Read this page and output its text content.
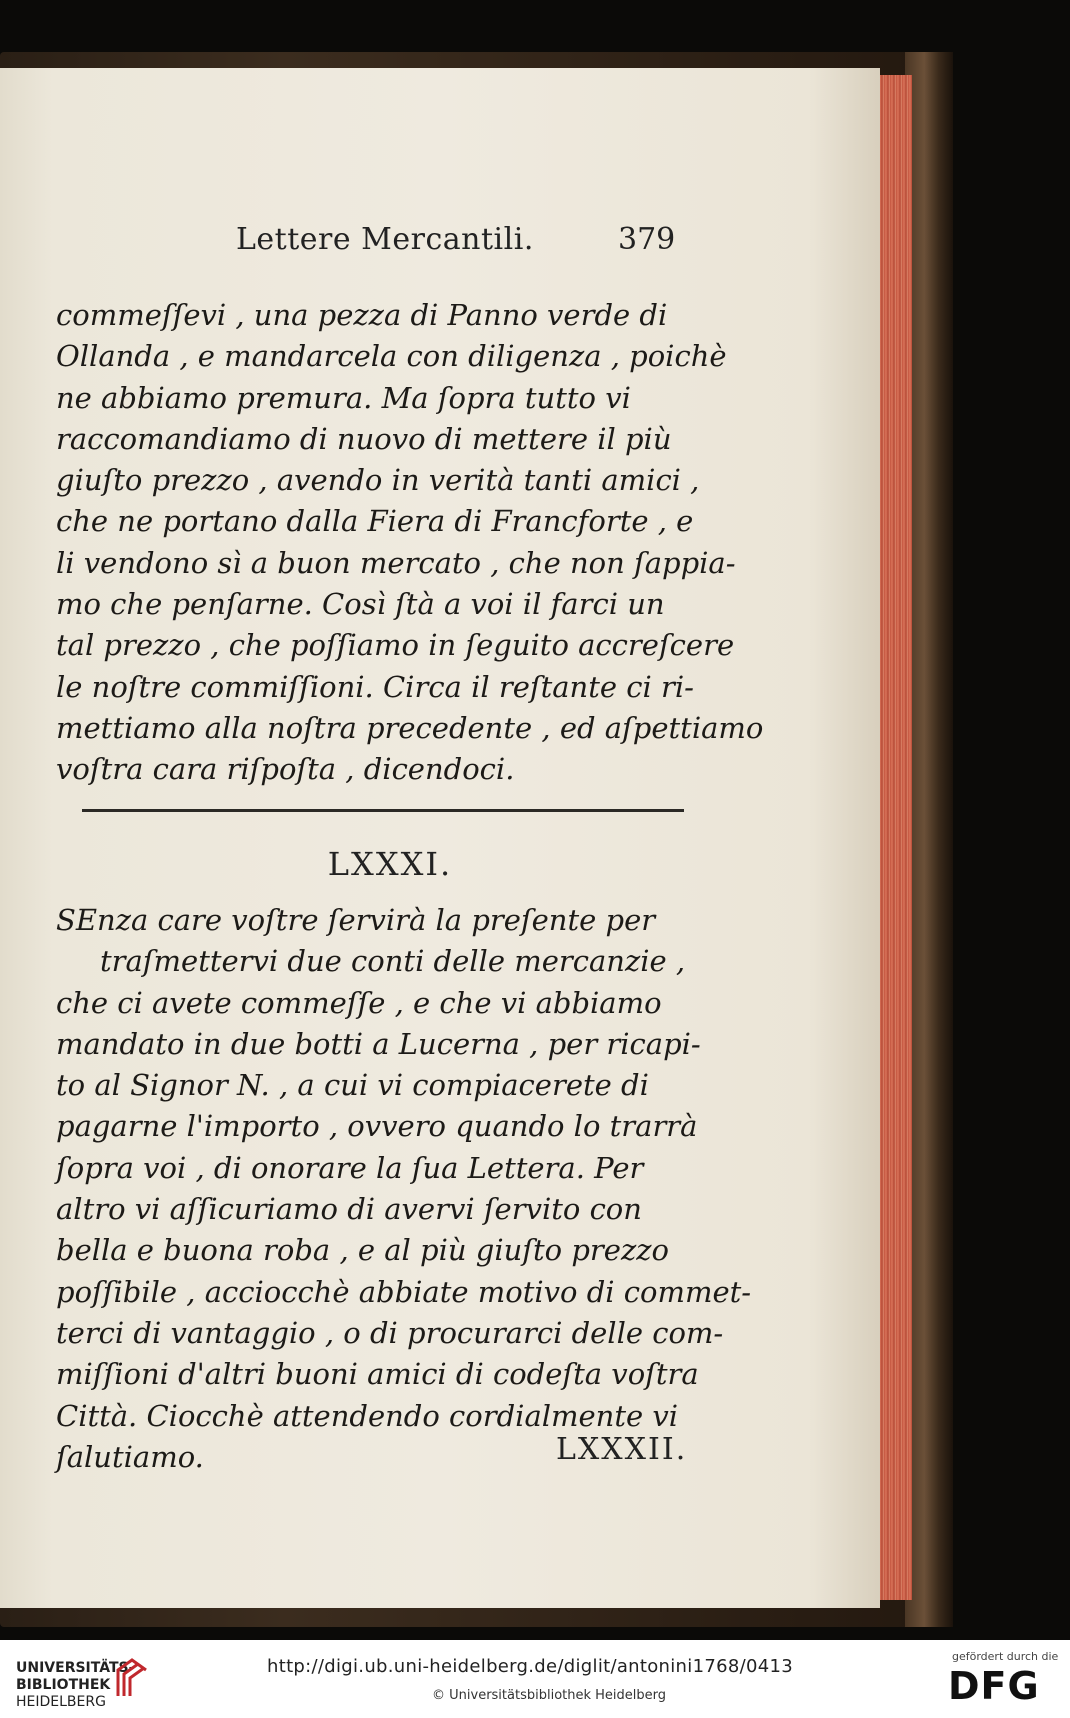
Lettere Mercantili.	379
commeſſevi , una pezza di Panno verde di
Ollanda , e mandarcela con diligenza , poichè
ne abbiamo premura. Ma ſopra tutto vi
raccomandiamo di nuovo di mettere il più
giuſto prezzo , avendo in verità tanti amici ,
che ne portano dalla Fiera di Francforte , e
li vendono sì a buon mercato , che non ſappia-
mo che penſarne. Così ſtà a voi il farci un
tal prezzo , che poſſiamo in ſeguito accreſcere
le noſtre commiſſioni. Circa il reſtante ci ri-
mettiamo alla noſtra precedente , ed aſpettiamo
voſtra cara riſpoſta , dicendoci.
LXXXI.
SEnza care voſtre ſervirà la preſente per
traſmettervi due conti delle mercanzie ,
che ci avete commeſſe , e che vi abbiamo
mandato in due botti a Lucerna , per ricapi-
to al Signor N. , a cui vi compiacerete di
pagarne l'importo , ovvero quando lo trarrà
ſopra voi , di onorare la ſua Lettera. Per
altro vi aſſicuriamo di avervi ſervito con
bella e buona roba , e al più giuſto prezzo
poſſibile , acciocchè abbiate motivo di commet-
terci di vantaggio , o di procurarci delle com-
miſſioni d'altri buoni amici di codeſta voſtra
Città. Ciocchè attendendo cordialmente vi
ſalutiamo.	LXXXII.
UNIVERSITÄTS-
BIBLIOTHEK
HEIDELBERG
http://digi.ub.uni-heidelberg.de/diglit/antonini1768/0413
© Universitätsbibliothek Heidelberg
gefördert durch die
DFG
